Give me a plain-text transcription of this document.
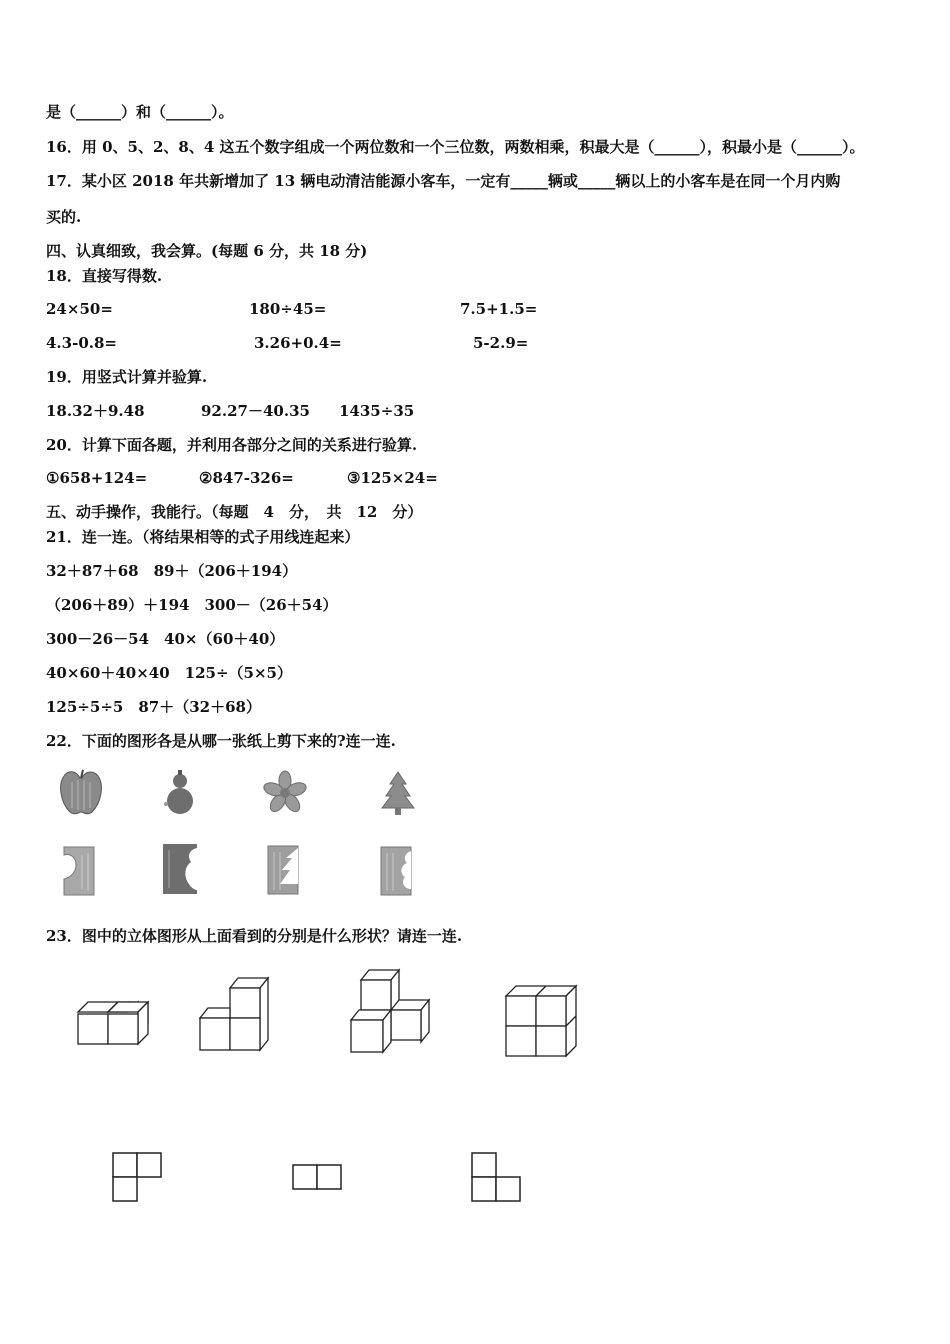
是（______）和（______）。
16．用 0、5、2、8、4 这五个数字组成一个两位数和一个三位数，两数相乘，积最大是（______），积最小是（______）。
17．某小区 2018 年共新增加了 13 辆电动清洁能源小客车，一定有_____辆或_____辆以上的小客车是在同一个月内购
买的.
四、认真细致，我会算。(每题 6 分，共 18 分)
18．直接写得数.
24×50=	180÷45=	7.5+1.5=
4.3-0.8=	3.26+0.4=	5-2.9=
19．用竖式计算并验算.
18.32＋9.48	92.27－40.35 1435÷35
20．计算下面各题，并利用各部分之间的关系进行验算.
①658+124=	②847-326=	③125×24=
五、动手操作，我能行。（每题　4　分，　共　12　分）
21．连一连。（将结果相等的式子用线连起来）
32＋87＋68　89＋（206＋194）
（206＋89）＋194　300－（26＋54）
300－26－54　40×（60＋40）
40×60＋40×40　125÷（5×5）
125÷5÷5　87＋（32＋68）
22．下面的图形各是从哪一张纸上剪下来的?连一连.
23．图中的立体图形从上面看到的分别是什么形状？请连一连.
